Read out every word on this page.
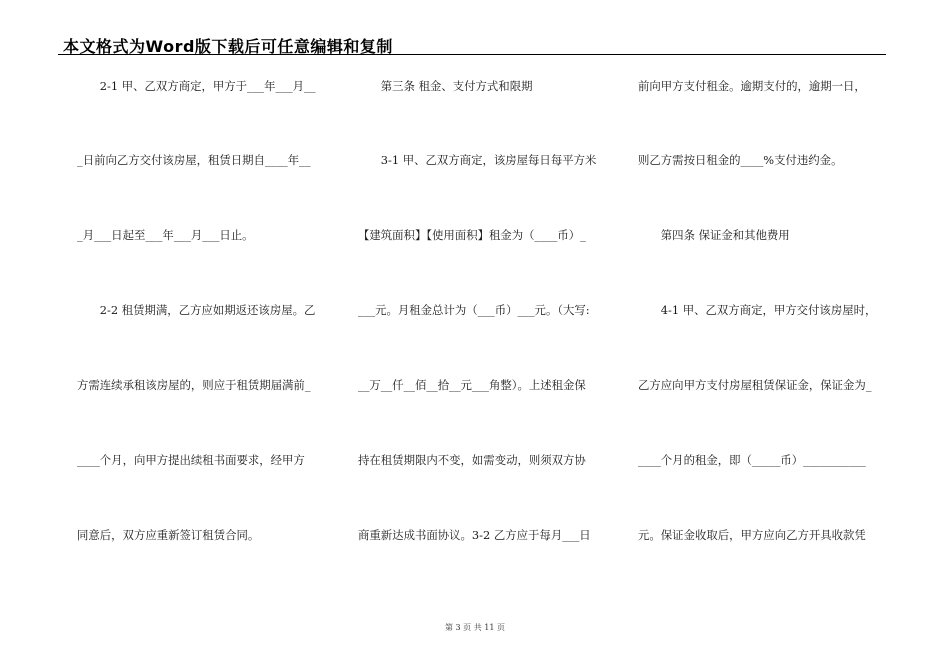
本文格式为Word版下载后可任意编辑和复制
　　2-1 甲、乙双方商定，甲方于___年___月__
_日前向乙方交付该房屋，租赁日期自____年__
_月___日起至___年___月___日止。
　　2-2 租赁期满，乙方应如期返还该房屋。乙
方需连续承租该房屋的，则应于租赁期届满前_
____个月，向甲方提出续租书面要求，经甲方
同意后，双方应重新签订租赁合同。
　　第三条 租金、支付方式和限期
　　3-1 甲、乙双方商定，该房屋每日每平方米
【建筑面积】【使用面积】租金为（____币）_
___元。月租金总计为（___币）___元。（大写:
__万__仟__佰__拾__元___角整）。上述租金保
持在租赁期限内不变，如需变动，则须双方协
商重新达成书面协议。3-2 乙方应于每月___日
前向甲方支付租金。逾期支付的，逾期一日，
则乙方需按日租金的____%支付违约金。
　　第四条 保证金和其他费用
　　4-1 甲、乙双方商定，甲方交付该房屋时，
乙方应向甲方支付房屋租赁保证金，保证金为_
____个月的租金，即（_____币）___________
元。保证金收取后，甲方应向乙方开具收款凭
第 3 页 共 11 页
